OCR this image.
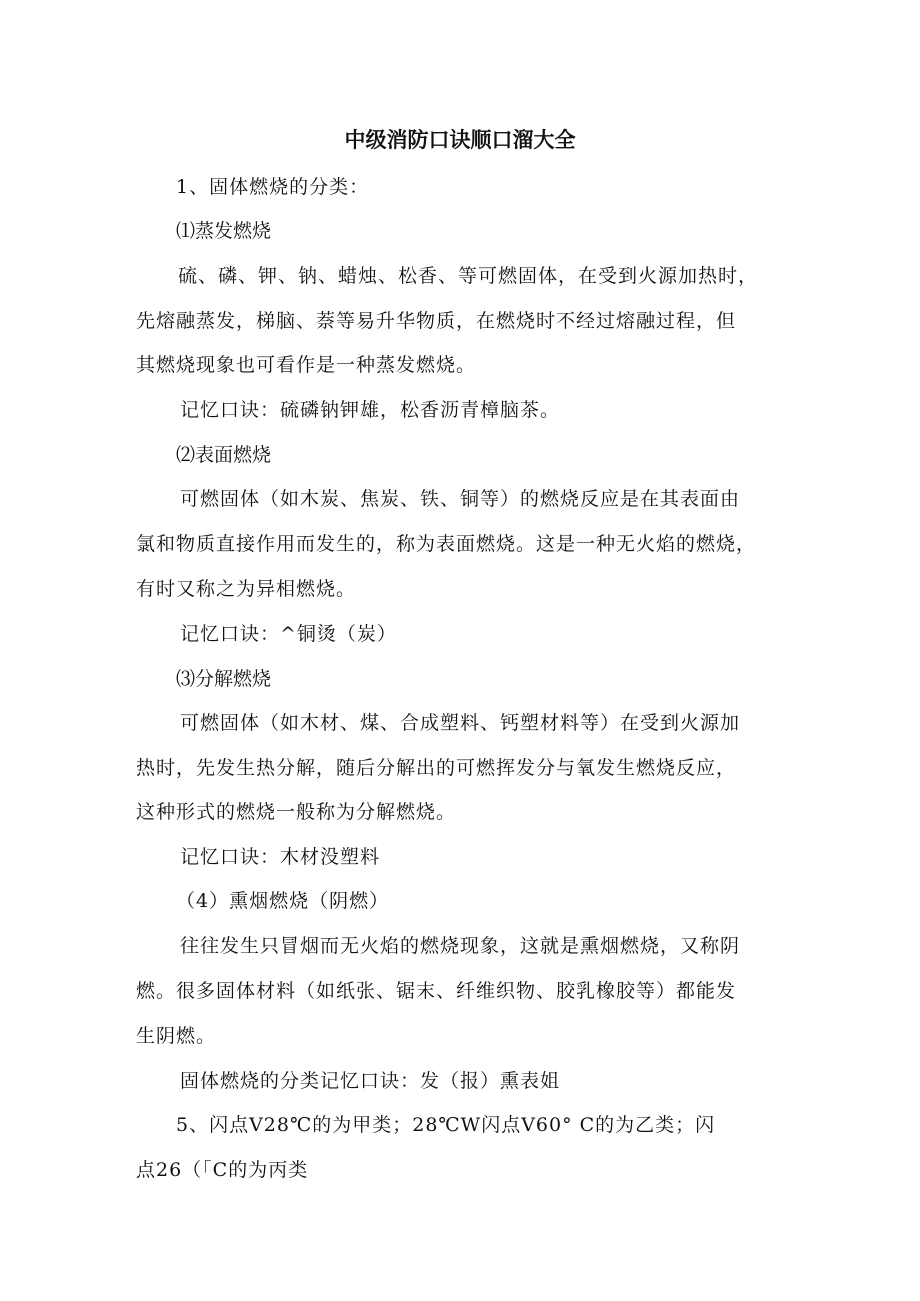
中级消防口诀顺口溜大全
1、固体燃烧的分类：
⑴蒸发燃烧
硫、磷、钾、钠、蜡烛、松香、等可燃固体，在受到火源加热时，
先熔融蒸发，梯脑、萘等易升华物质，在燃烧时不经过熔融过程，但
其燃烧现象也可看作是一种蒸发燃烧。
记忆口诀：硫磷钠钾雄，松香沥青樟脑茶。
⑵表面燃烧
可燃固体（如木炭、焦炭、铁、铜等）的燃烧反应是在其表面由
氯和物质直接作用而发生的，称为表面燃烧。这是一种无火焰的燃烧，
有时又称之为异相燃烧。
记忆口诀：^铜烫（炭）
⑶分解燃烧
可燃固体（如木材、煤、合成塑料、钙塑材料等）在受到火源加
热时，先发生热分解，随后分解出的可燃挥发分与氧发生燃烧反应，
这种形式的燃烧一般称为分解燃烧。
记忆口诀：木材没塑料
（4）熏烟燃烧（阴燃）
往往发生只冒烟而无火焰的燃烧现象，这就是熏烟燃烧，又称阴
燃。很多固体材料（如纸张、锯末、纤维织物、胶乳橡胶等）都能发
生阴燃。
固体燃烧的分类记忆口诀：发（报）熏表姐
5、闪点V28℃的为甲类；28℃W闪点V60° C的为乙类；闪
点26（「C的为丙类
